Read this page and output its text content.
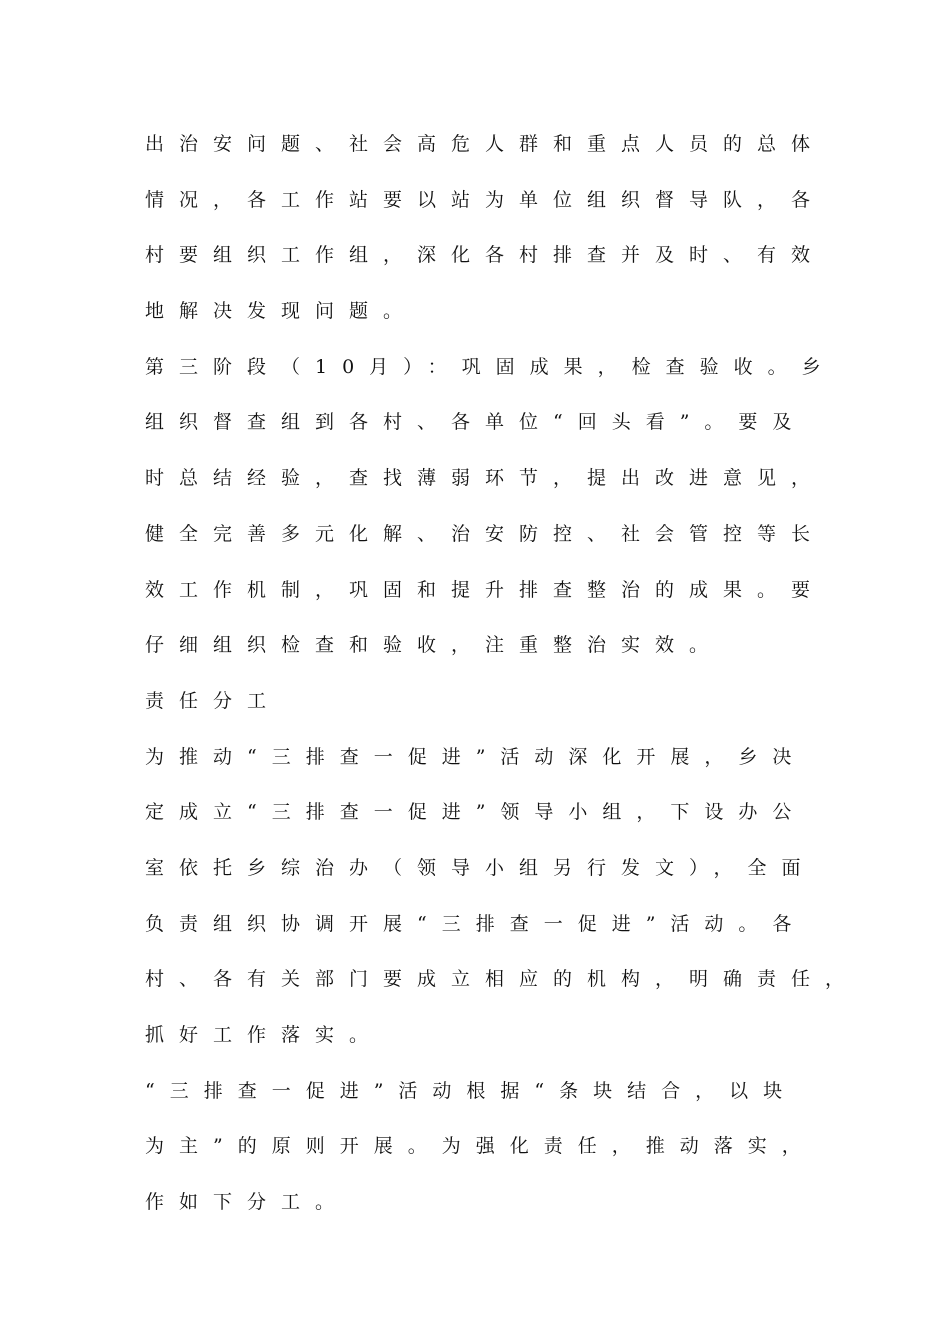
出治安问题、社会高危人群和重点人员的总体
情况，各工作站要以站为单位组织督导队，各
村要组织工作组，深化各村排查并及时、有效
地解决发现问题。
第三阶段（10月）：巩固成果，检查验收。乡
组织督查组到各村、各单位“回头看”。要及
时总结经验，查找薄弱环节，提出改进意见，
健全完善多元化解、治安防控、社会管控等长
效工作机制，巩固和提升排查整治的成果。要
仔细组织检查和验收，注重整治实效。
责任分工
为推动“三排查一促进”活动深化开展，乡决
定成立“三排查一促进”领导小组，下设办公
室依托乡综治办（领导小组另行发文），全面
负责组织协调开展“三排查一促进”活动。各
村、各有关部门要成立相应的机构，明确责任，
抓好工作落实。
“三排查一促进”活动根据“条块结合，以块
为主”的原则开展。为强化责任，推动落实，
作如下分工。
